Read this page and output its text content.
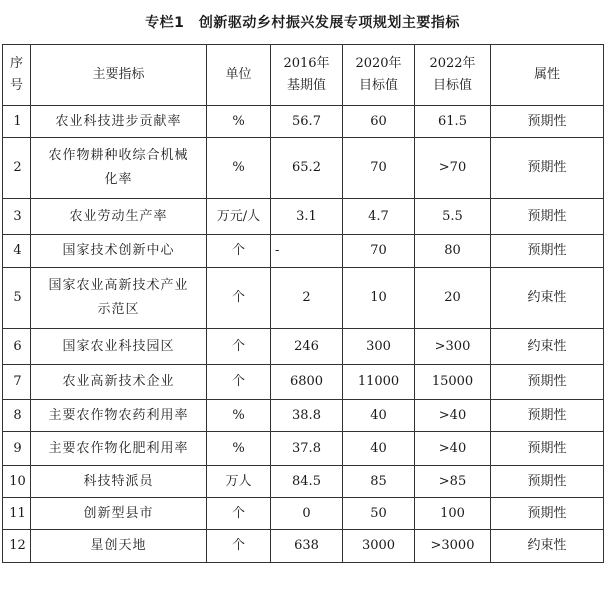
专栏1　创新驱动乡村振兴发展专项规划主要指标
序号	主要指标	单位	2016年基期值	2020年目标值	2022年目标值	属性
1	农业科技进步贡献率	%	56.7	60	61.5	预期性
2	农作物耕种收综合机械化率	%	65.2	70	>70	预期性
3	农业劳动生产率	万元/人	3.1	4.7	5.5	预期性
4	国家技术创新中心	个	-	70	80	预期性
5	国家农业高新技术产业示范区	个	2	10	20	约束性
6	国家农业科技园区	个	246	300	>300	约束性
7	农业高新技术企业	个	6800	11000	15000	预期性
8	主要农作物农药利用率	%	38.8	40	>40	预期性
9	主要农作物化肥利用率	%	37.8	40	>40	预期性
10	科技特派员	万人	84.5	85	>85	预期性
11	创新型县市	个	0	50	100	预期性
12	星创天地	个	638	3000	>3000	约束性
